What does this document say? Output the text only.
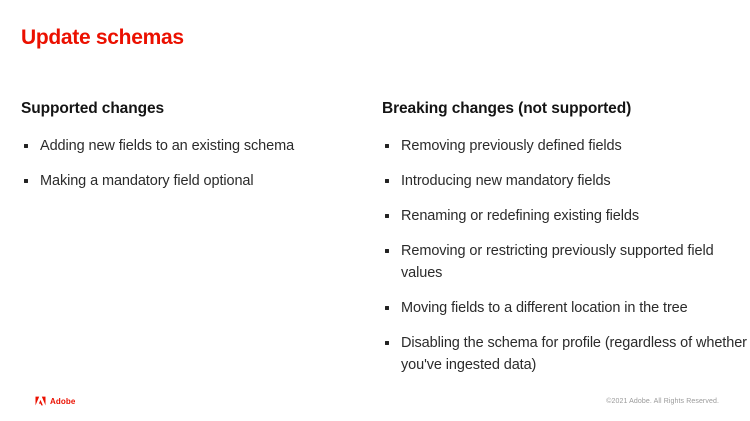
Update schemas
Supported changes
Adding new fields to an existing schema
Making a mandatory field optional
Breaking changes (not supported)
Removing previously defined fields
Introducing new mandatory fields
Renaming or redefining existing fields
Removing or restricting previously supported field values
Moving fields to a different location in the tree
Disabling the schema for profile (regardless of whether you've ingested data)
Adobe	©2021 Adobe. All Rights Reserved.
